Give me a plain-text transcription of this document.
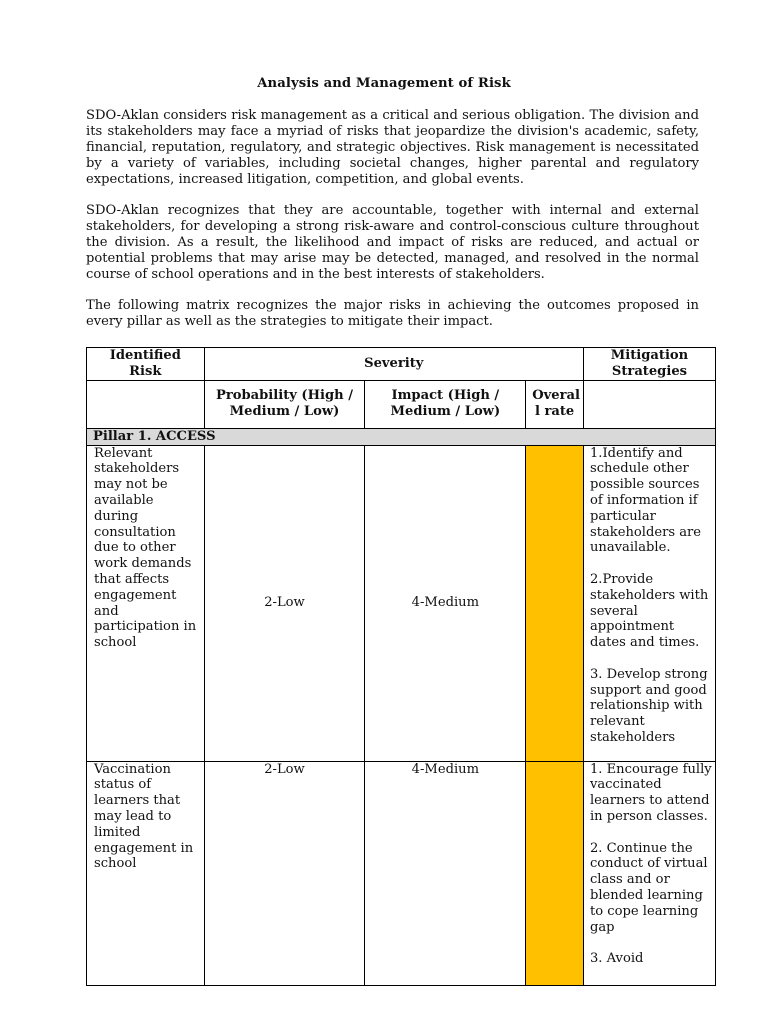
Analysis and Management of Risk
SDO-Aklan considers risk management as a critical and serious obligation. The division and its stakeholders may face a myriad of risks that jeopardize the division's academic, safety, financial, reputation, regulatory, and strategic objectives. Risk management is necessitated by a variety of variables, including societal changes, higher parental and regulatory expectations, increased litigation, competition, and global events.
SDO-Aklan recognizes that they are accountable, together with internal and external stakeholders, for developing a strong risk-aware and control-conscious culture throughout the division. As a result, the likelihood and impact of risks are reduced, and actual or potential problems that may arise may be detected, managed, and resolved in the normal course of school operations and in the best interests of stakeholders.
The following matrix recognizes the major risks in achieving the outcomes proposed in every pillar as well as the strategies to mitigate their impact.
Identified Risk	Severity			Mitigation Strategies
	Probability (High / Medium / Low)	Impact (High / Medium / Low)	Overal l rate	
Pillar 1. ACCESS				
Relevant stakeholders may not be available during consultation due to other work demands that affects engagement and participation in school	2-Low	4-Medium		1.Identify and schedule other possible sources of information if particular stakeholders are unavailable.
2.Provide stakeholders with several appointment dates and times.
3. Develop strong support and good relationship with relevant stakeholders

Vaccination status of learners that may lead to limited engagement in school	2-Low	4-Medium		1. Encourage fully vaccinated learners to attend in person classes.
2. Continue the conduct of virtual class and or blended learning to cope learning gap
3. Avoid
